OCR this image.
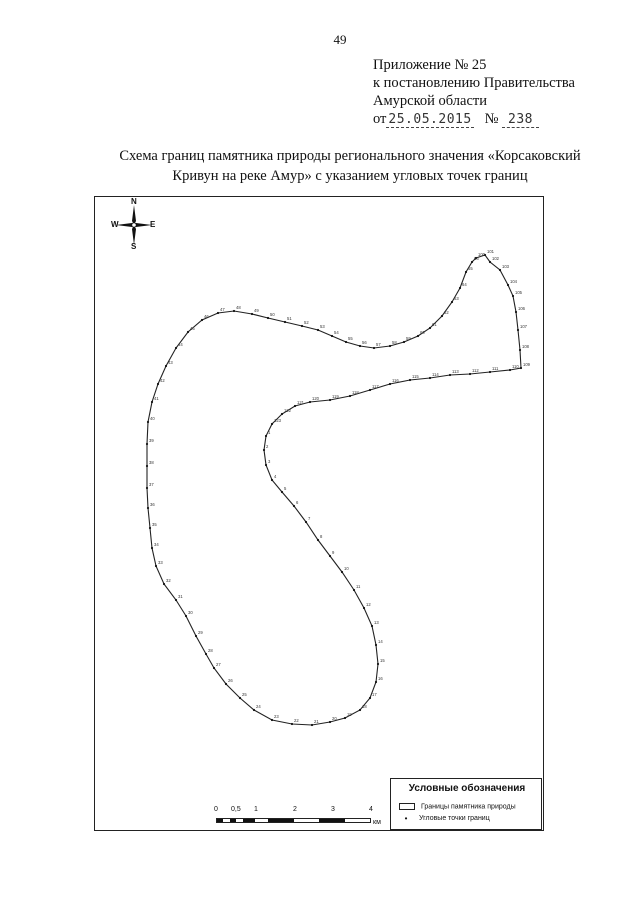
49
Приложение № 25
к постановлению Правительства
Амурской области
от 25.05.2015 № 238
Схема границ памятника природы регионального значения «Корсаковский
Кривун на реке Амур» с указанием угловых точек границ
100
101
102
103
104
105
106
107
108
109
110
111
112
113
114
115
116
117
118
119
120
121
122
123
1
2
3
4
5
6
7
8
9
10
11
12
13
14
15
16
17
18
19
20
21
22
23
24
25
26
27
28
29
30
31
32
33
34
35
36
37
38
39
40
41
42
43
44
45
46
47	48
49
50
51
52
53
54
55
56 57	58
59
60
61
62
63
64
65
66
N
S
W	E
0 0,5 1	2	3	4
км
Условные обозначения
Границы памятника природы
• Угловые точки границ
